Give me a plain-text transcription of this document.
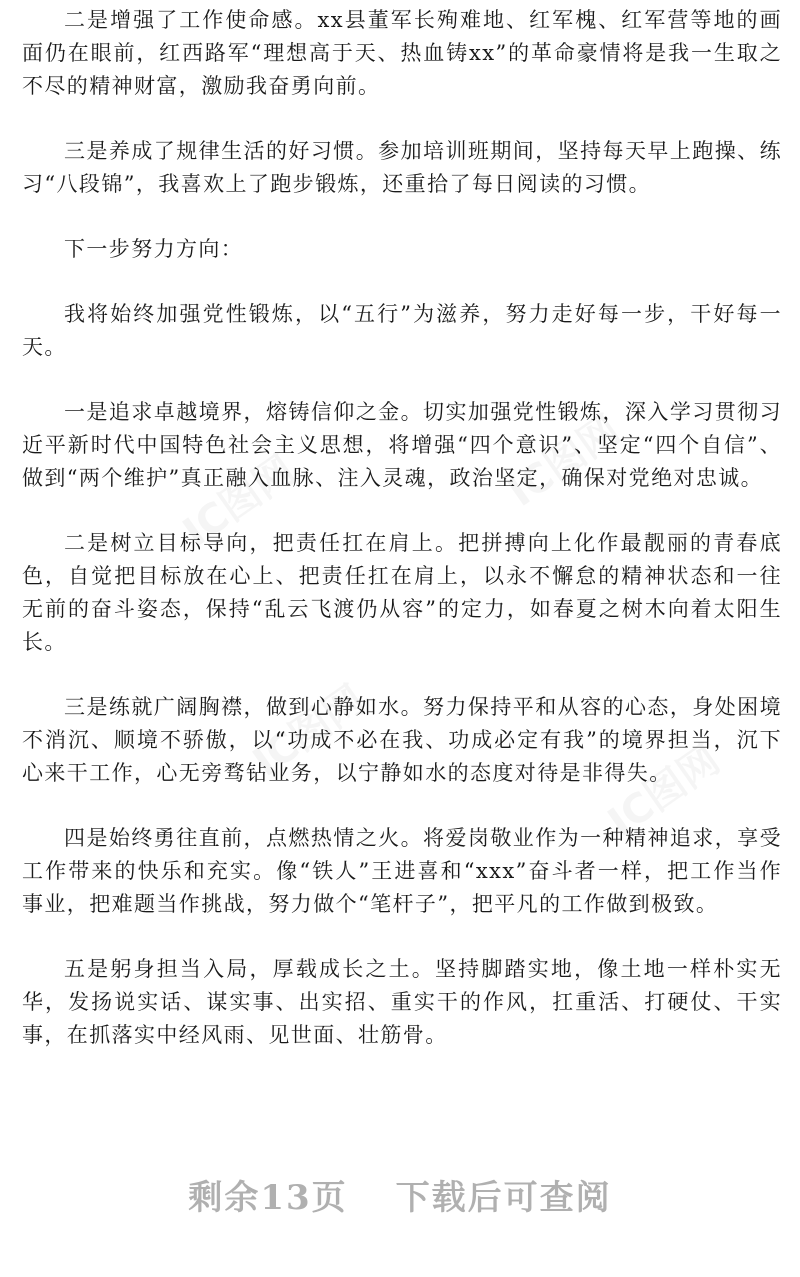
IC图网	IC图网
IC图网
IC图网

二是增强了工作使命感。xx县董军长殉难地、红军槐、红军营等地的画面仍在眼前，红西路军“理想高于天、热血铸xx”的革命豪情将是我一生取之不尽的精神财富，激励我奋勇向前。

三是养成了规律生活的好习惯。参加培训班期间，坚持每天早上跑操、练习“八段锦”，我喜欢上了跑步锻炼，还重拾了每日阅读的习惯。

下一步努力方向：

我将始终加强党性锻炼，以“五行”为滋养，努力走好每一步，干好每一天。

一是追求卓越境界，熔铸信仰之金。切实加强党性锻炼，深入学习贯彻习近平新时代中国特色社会主义思想，将增强“四个意识”、坚定“四个自信”、做到“两个维护”真正融入血脉、注入灵魂，政治坚定，确保对党绝对忠诚。

二是树立目标导向，把责任扛在肩上。把拼搏向上化作最靓丽的青春底色，自觉把目标放在心上、把责任扛在肩上，以永不懈怠的精神状态和一往无前的奋斗姿态，保持“乱云飞渡仍从容”的定力，如春夏之树木向着太阳生长。

三是练就广阔胸襟，做到心静如水。努力保持平和从容的心态，身处困境不消沉、顺境不骄傲，以“功成不必在我、功成必定有我”的境界担当，沉下心来干工作，心无旁骛钻业务，以宁静如水的态度对待是非得失。

四是始终勇往直前，点燃热情之火。将爱岗敬业作为一种精神追求，享受工作带来的快乐和充实。像“铁人”王进喜和“xxx”奋斗者一样，把工作当作事业，把难题当作挑战，努力做个“笔杆子”，把平凡的工作做到极致。

五是躬身担当入局，厚载成长之土。坚持脚踏实地，像土地一样朴实无华，发扬说实话、谋实事、出实招、重实干的作风，扛重活、打硬仗、干实事，在抓落实中经风雨、见世面、壮筋骨。

剩余13页 下载后可查阅
